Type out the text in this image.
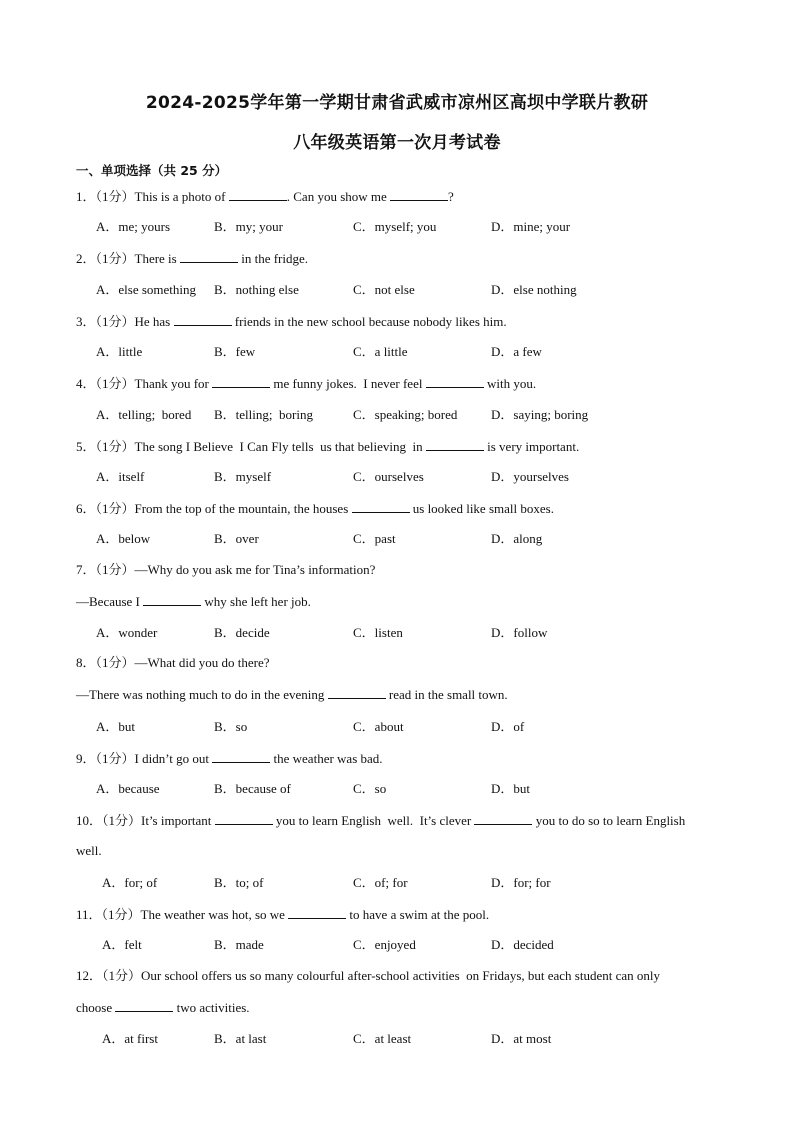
2024-2025学年第一学期甘肃省武威市凉州区高坝中学联片教研
八年级英语第一次月考试卷
一、单项选择（共 25 分）
1．（1分）This is a photo of	. Can you show me	?
A．me; yours	B．my; your	C．myself; you	D．mine; your
2．（1分）There is	in the fridge.
A．else something B．nothing else	C．not else	D．else nothing
3．（1分）He has	friends in the new school because nobody likes him.
A．little	B．few	C．a little	D．a few
4．（1分）Thank you for	me funny jokes.  I never feel	with you.
A．telling;  bored B．telling;  boring	C．speaking; bored	D．saying; boring
5．（1分）The song I Believe  I Can Fly tells  us that believing  in	is very important.
A．itself	B．myself	C．ourselves	D．yourselves
6．（1分）From the top of the mountain, the houses	us looked like small boxes.
A．below	B．over	C．past	D．along
7．（1分）—Why do you ask me for Tina’s information?
—Because I	why she left her job.
A．wonder	B．decide	C．listen	D．follow
8．（1分）—What did you do there?
—There was nothing much to do in the evening	read in the small town.
A．but	B．so	C．about	D．of
9．（1分）I didn’t go out	the weather was bad.
A．because	B．because of	C．so	D．but
10．（1分）It’s important	you to learn English  well.  It’s clever	you to do so to learn English
well.
A．for; of	B．to; of	C．of; for	D．for; for
11．（1分）The weather was hot, so we	to have a swim at the pool.
A．felt	B．made	C．enjoyed	D．decided
12．（1分）Our school offers us so many colourful after-school activities  on Fridays, but each student can only
choose	two activities.
A．at first	B．at last	C．at least	D．at most
